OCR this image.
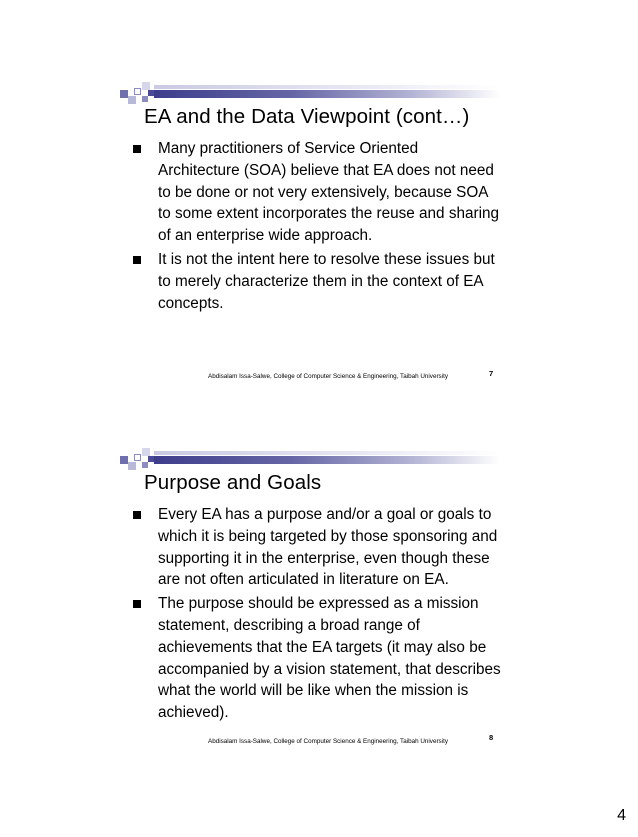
EA and the Data Viewpoint (cont…)
Many practitioners of Service Oriented Architecture (SOA) believe that EA does not need to be done or not very extensively, because SOA to some extent incorporates the reuse and sharing of an enterprise wide approach.
It is not the intent here to resolve these issues but to merely characterize them in the context of EA concepts.
Abdisalam Issa-Salwe, College of Computer Science & Engineering, Taibah University	7
Purpose and Goals
Every EA has a purpose and/or a goal or goals to which it is being targeted by those sponsoring and supporting it in the enterprise, even though these are not often articulated in literature on EA.
The purpose should be expressed as a mission statement, describing a broad range of achievements that the EA targets (it may also be accompanied by a vision statement, that describes what the world will be like when the mission is achieved).
Abdisalam Issa-Salwe, College of Computer Science & Engineering, Taibah University	8
4
